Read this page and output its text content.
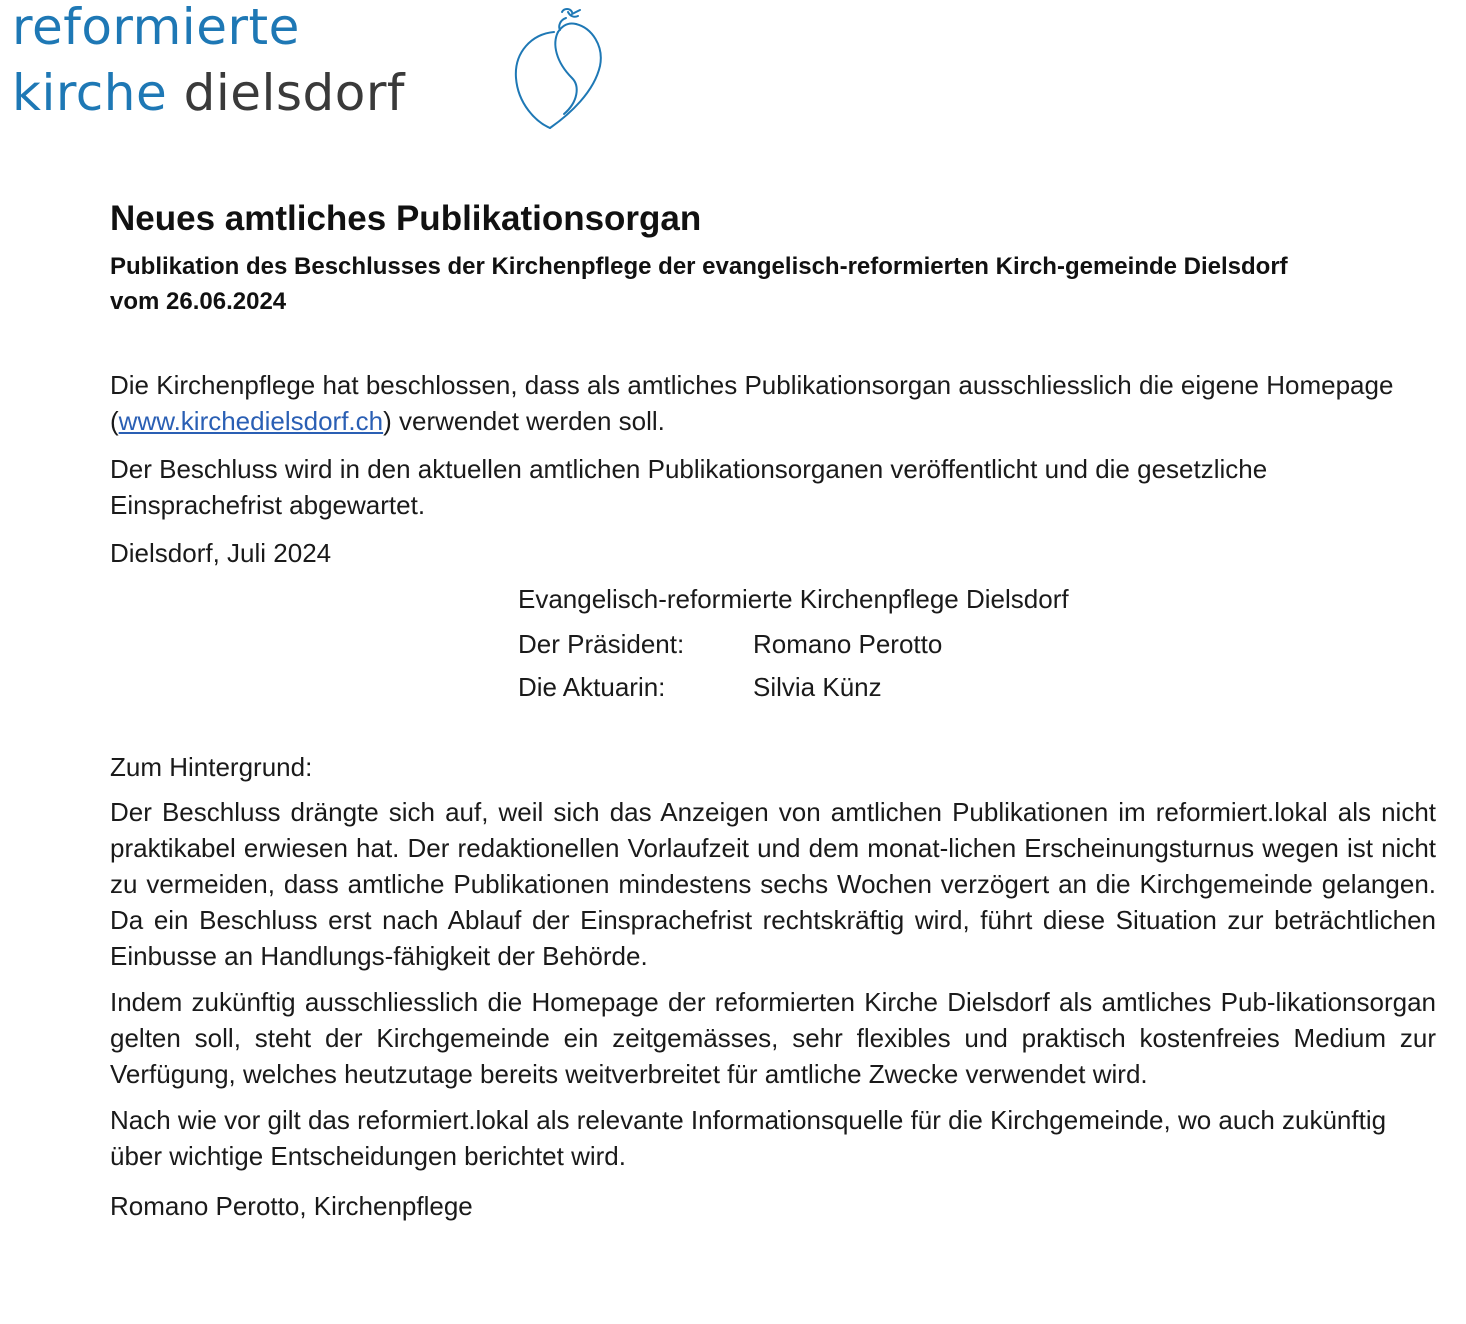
reformierte
kirche dielsdorf
Neues amtliches Publikationsorgan

Publikation des Beschlusses der Kirchenpflege der evangelisch-reformierten Kirch-gemeinde Dielsdorf vom 26.06.2024

Die Kirchenpflege hat beschlossen, dass als amtliches Publikationsorgan ausschliesslich die eigene Homepage (www.kirchedielsdorf.ch) verwendet werden soll.

Der Beschluss wird in den aktuellen amtlichen Publikationsorganen veröffentlicht und die gesetzliche Einsprachefrist abgewartet.

Dielsdorf, Juli 2024

Evangelisch-reformierte Kirchenpflege Dielsdorf
Der Präsident:	Romano Perotto
Die Aktuarin:	Silvia Künz

Zum Hintergrund:

Der Beschluss drängte sich auf, weil sich das Anzeigen von amtlichen Publikationen im reformiert.lokal als nicht praktikabel erwiesen hat. Der redaktionellen Vorlaufzeit und dem monat-lichen Erscheinungsturnus wegen ist nicht zu vermeiden, dass amtliche Publikationen mindestens sechs Wochen verzögert an die Kirchgemeinde gelangen. Da ein Beschluss erst nach Ablauf der Einsprachefrist rechtskräftig wird, führt diese Situation zur beträchtlichen Einbusse an Handlungs-fähigkeit der Behörde.

Indem zukünftig ausschliesslich die Homepage der reformierten Kirche Dielsdorf als amtliches Pub-likationsorgan gelten soll, steht der Kirchgemeinde ein zeitgemässes, sehr flexibles und praktisch kostenfreies Medium zur Verfügung, welches heutzutage bereits weitverbreitet für amtliche Zwecke verwendet wird.

Nach wie vor gilt das reformiert.lokal als relevante Informationsquelle für die Kirchgemeinde, wo auch zukünftig über wichtige Entscheidungen berichtet wird.

Romano Perotto, Kirchenpflege
